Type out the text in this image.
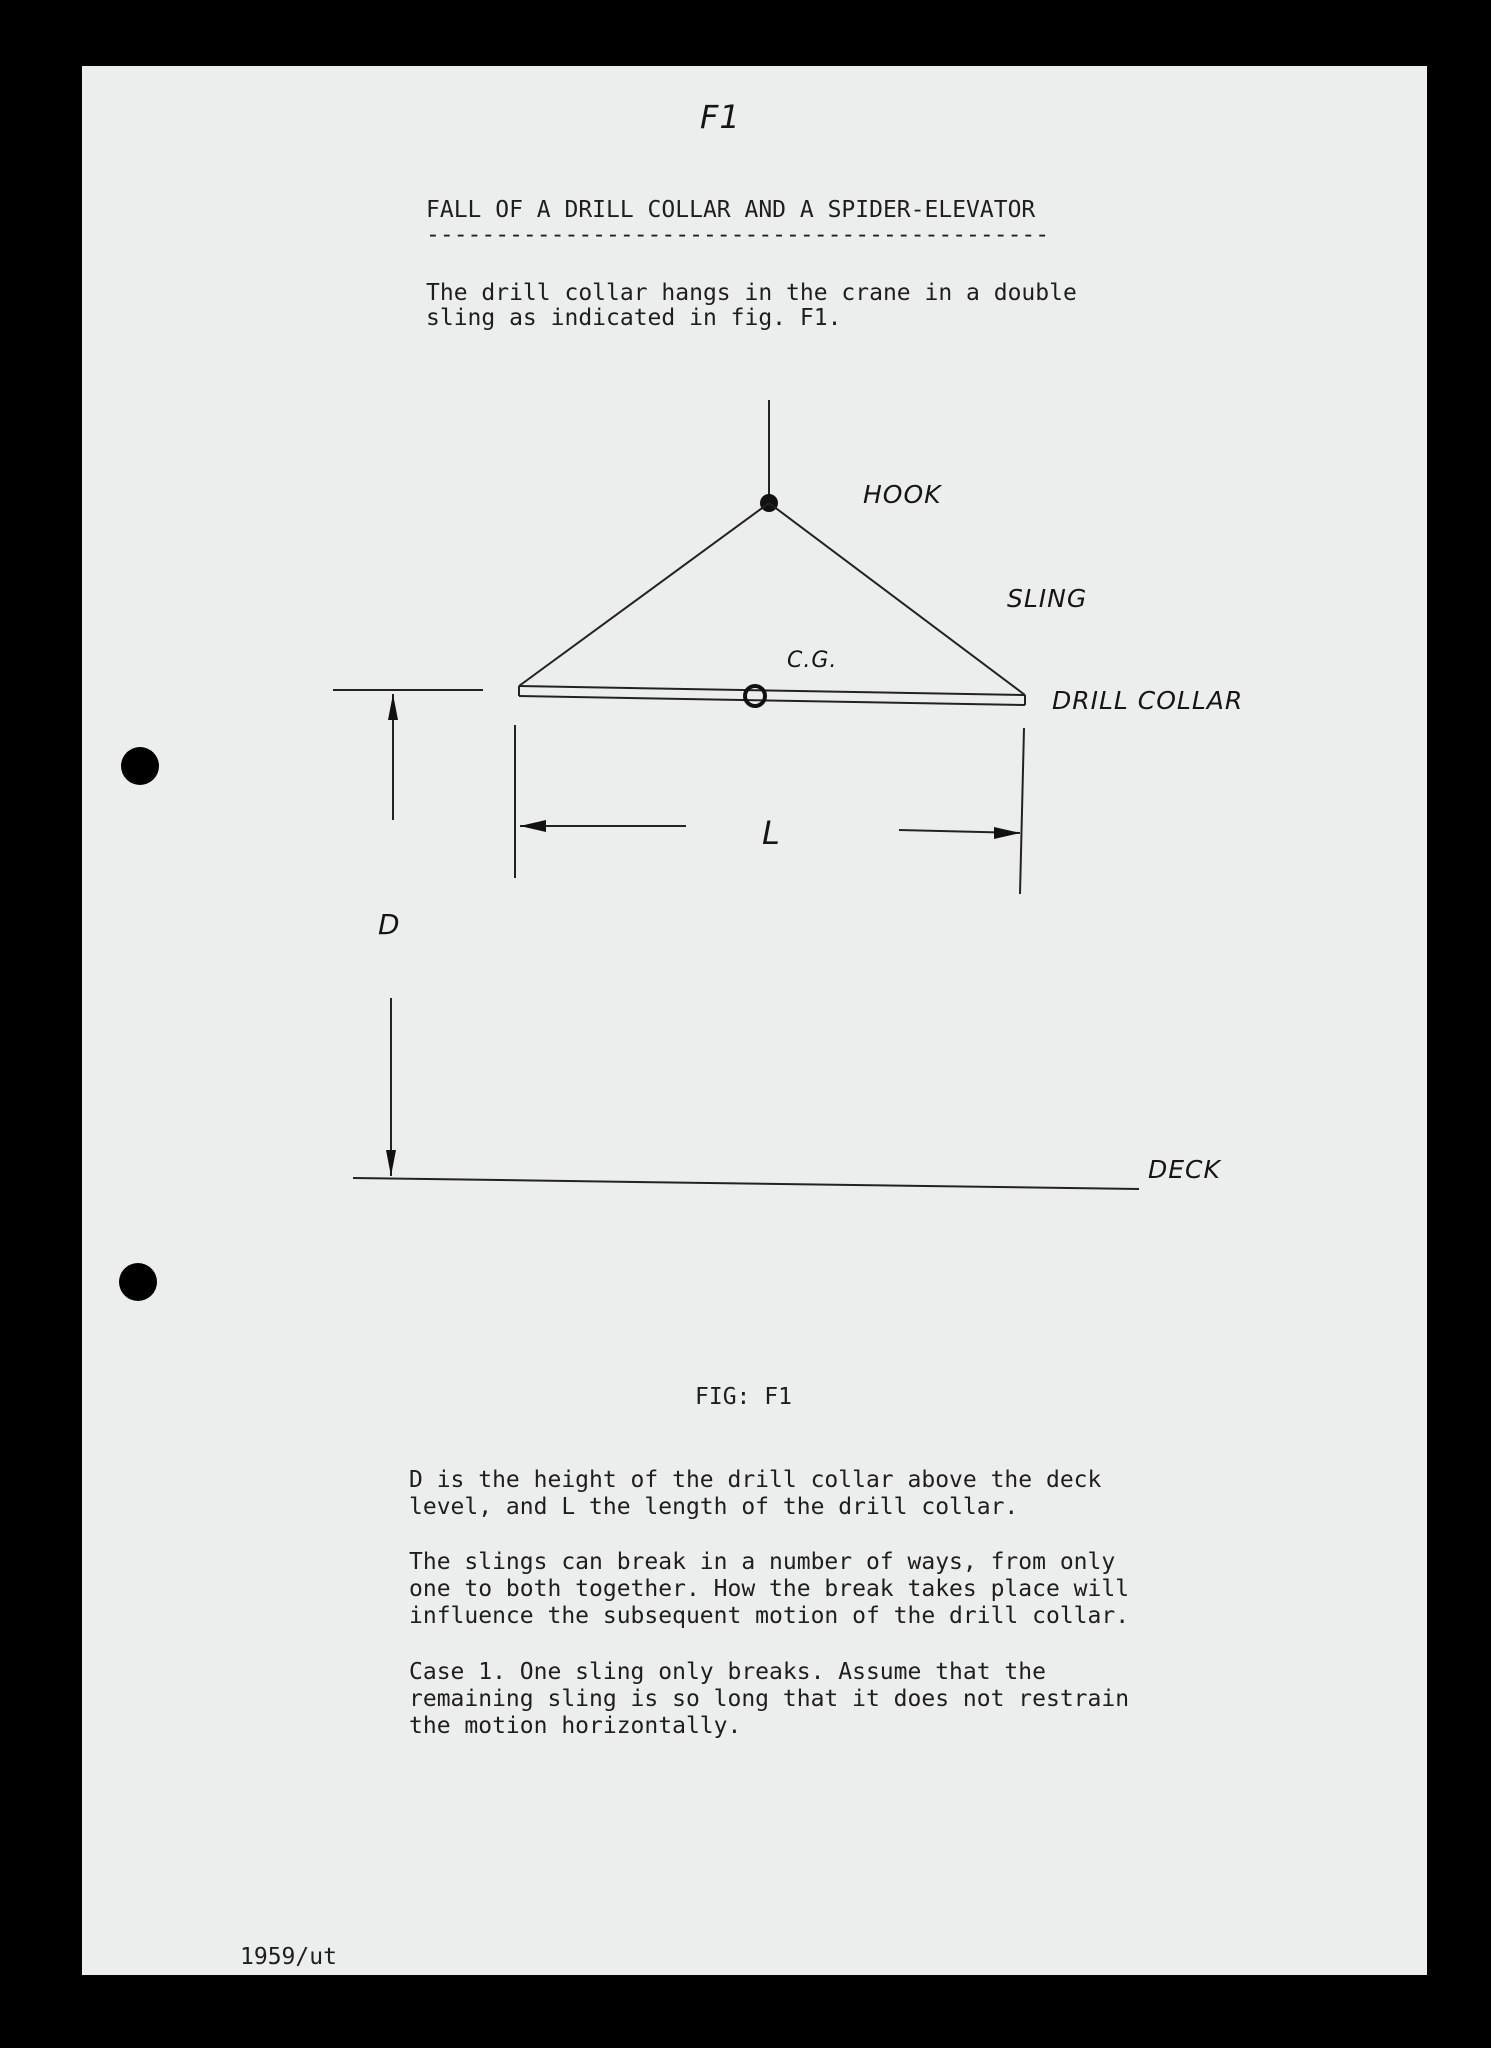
F1
FALL OF A DRILL COLLAR AND A SPIDER-ELEVATOR
---------------------------------------------
The drill collar hangs in the crane in a double
sling as indicated in fig. F1.
HOOK
SLING
C.G.
DRILL COLLAR
L
D
DECK
FIG: F1
D is the height of the drill collar above the deck
level, and L the length of the drill collar.
The slings can break in a number of ways, from only
one to both together. How the break takes place will
influence the subsequent motion of the drill collar.
Case 1. One sling only breaks. Assume that the
remaining sling is so long that it does not restrain
the motion horizontally.
1959/ut
